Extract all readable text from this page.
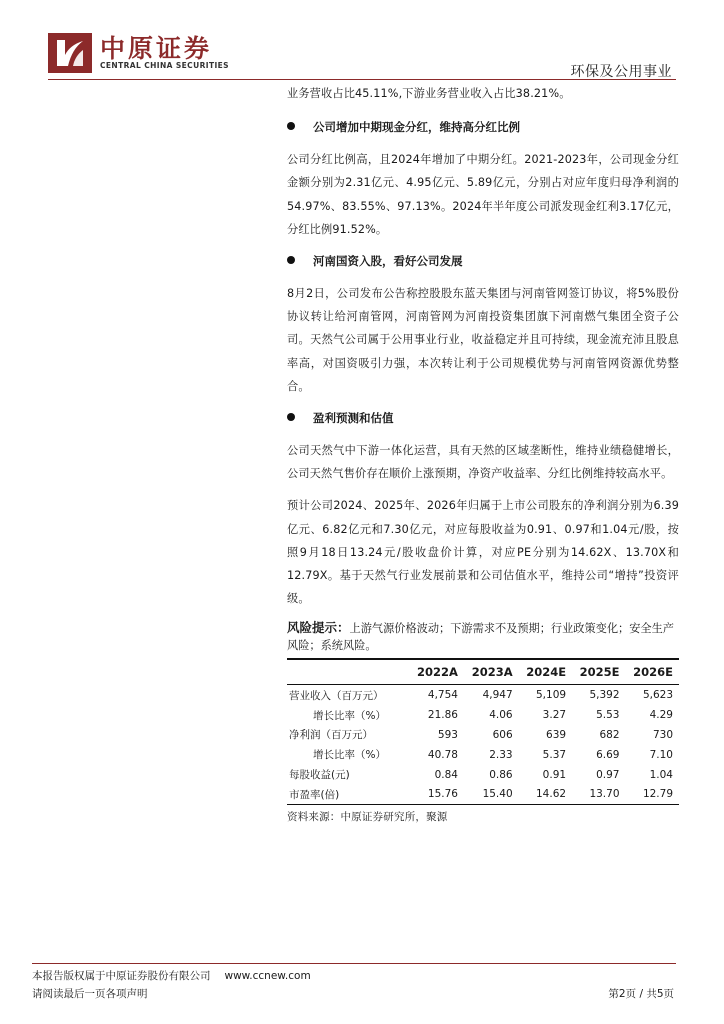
中原证券
CENTRAL CHINA SECURITIES	环保及公用事业

业务营收占比45.11%,下游业务营业收入占比38.21%。

公司增加中期现金分红，维持高分红比例

公司分红比例高，且2024年增加了中期分红。2021-2023年，公司现金分红金额分别为2.31亿元、4.95亿元、5.89亿元，分别占对应年度归母净利润的54.97%、83.55%、97.13%。2024年半年度公司派发现金红利3.17亿元，分红比例91.52%。

河南国资入股，看好公司发展

8月2日，公司发布公告称控股股东蓝天集团与河南管网签订协议，将5%股份协议转让给河南管网，河南管网为河南投资集团旗下河南燃气集团全资子公司。天然气公司属于公用事业行业，收益稳定并且可持续，现金流充沛且股息率高，对国资吸引力强，本次转让利于公司规模优势与河南管网资源优势整合。

盈利预测和估值

公司天然气中下游一体化运营，具有天然的区域垄断性，维持业绩稳健增长，公司天然气售价存在顺价上涨预期，净资产收益率、分红比例维持较高水平。

预计公司2024、2025年、2026年归属于上市公司股东的净利润分别为6.39亿元、6.82亿元和7.30亿元，对应每股收益为0.91、0.97和1.04元/股，按照9月18日13.24元/股收盘价计算，对应PE分别为14.62X、13.70X和12.79X。基于天然气行业发展前景和公司估值水平，维持公司“增持”投资评级。

风险提示：上游气源价格波动；下游需求不及预期；行业政策变化；安全生产风险；系统风险。

	2022A	2023A	2024E	2025E	2026E
营业收入（百万元）	4,754	4,947	5,109	5,392	5,623
增长比率（%）	21.86	4.06	3.27	5.53	4.29
净利润（百万元）	593	606	639	682	730
增长比率（%）	40.78	2.33	5.37	6.69	7.10
每股收益(元)	0.84	0.86	0.91	0.97	1.04
市盈率(倍)	15.76	15.40	14.62	13.70	12.79
资料来源：中原证券研究所，聚源
本报告版权属于中原证券股份有限公司 www.ccnew.com
请阅读最后一页各项声明	第2页 / 共5页
